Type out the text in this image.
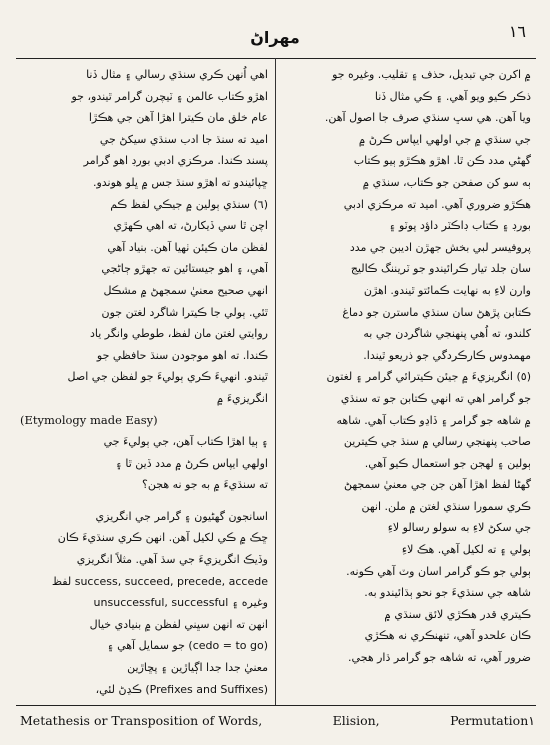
مهراڻ	١٦
۾ اکرن جي تبديل، حذف ۽ تقليب. وغيره جو
ذڪر ڪيو ويو آهي. ۽ ڪي مثال ڏنا
ويا آهن. هي سڀ سنڌي صرف جا اصول آهن.
جي سنڌي ۾ جي اولهي ايپاس ڪرڻ ۾
گهڻي مدد ڪن ٿا. اهڙو هڪڙو ٻيو ڪتاب
ٻه سو کن صفحن جو ڪتاب، سنڌي ۾
هڪڙو ضروري آهي. اميد ته مرڪزي ادبي
بورڊ ۽ ڪتاب ڊاڪٽر داؤد پوٽو ۽
پروفيسر لبي بخش جهڙن اديبن جي مدد
سان جلد تيار ڪرائيندو جو ٽريننگ ڪاليج
وارن لاءِ به نهايت ڪمائتو ٿيندو. اهڙن
ڪتابن پڙهڻ سان سنڌي ماسترن جو دماغ
کلندو، ته اُهي پنهنجي شاگردن جي به
مهمدوس ڪارڪردگي جو ذريعو ٿيندا.
(٥) انگريزيءَ ۾ جيئن ڪيترائي گرامر ۽ لغتون
جو گرامر اهي ته انهي ڪتابن جو ته سنڌي
۾ شاهه جو گرامر ۽ ڏاڍو ڪتاب آهي. شاهه
صاحب پنهنجي رسالي ۾ سنڌ جي ڪيترين
ٻولين ۽ لهجن جو استعمال ڪيو آهي.
گهڻا لفظ اهڙا آهن جن جي معنيٰ سمجهڻ
ڪري سمورا سنڌي لغتن ۾ ملن. انهن
جي سکڻ لاءِ به سولو رسالو لاءِ
ٻولي ۽ ته لکيل آهي. هڪ لاءِ
ٻولي جو ڪو گرامر اسان وٽ آهي ڪونه.
شاهه جي سنڌيءَ جو نحو ٻڌائيندو به.
ڪيتري قدر هڪڙي لائق سنڌي ۾
ڪان علحدو آهي، تنهنڪري نه هڪڙي
ضرور آهي، ته شاهه جو گرامر ڌار هجي.
اهي اُنهن ڪري سنڌي رسالي ۽ مثال ڏنا
اهڙو ڪتاب عالمن ۽ ٽيچرن گرامر ٿيندو، جو
عام خلق مان ڪيترا اهڙا آهن جي هڪڙا
اميد ته سنڌ جا ادب سنڌي سيکڻ جي
پسند ڪندا. مرڪزي ادبي بورڊ اهو گرامر
ڇپائيندو ته اهڙو سنڌ جس ۾ ڀلو هوندو.
(٦) سنڌي ٻولين ۾ جيڪي لفظ ڪم
اچن ٿا سي ڏيکارڻ، ته اهي ڪهڙي
لفظن مان ڪيئن ٺهيا آهن. بنياد آهي
آهي، ۽ اهو جيستائين ته جهڙو ڄاڻجي
انهي صحيح معنيٰ سمجهڻ ۾ مشڪل
ٿئي. ٻولي جا ڪيترا شاگرد لغتن جون
روايتي لغتن مان لفظ، طوطي وانگر ياد
ڪندا. ته اهو موجودن سنڌ حافظي جو
ٿيندو. انهيءَ ڪري ٻوليءَ جو لفظن جي اصل
انگريزيءَ ۾
(Etymology made Easy)
۽ ٻيا اهڙا ڪتاب آهن، جي ٻوليءَ جي
اولهي ايپاس ڪرڻ ۾ مدد ڏين ٿا ۽
ته سنڌيءَ ۾ به جو نه هجن؟
اسانجون گهڻيون ۽ گرامر جي انگريزي
ڇڪ ۾ ڪي لکيل آهن. انهن ڪري سنڌيءَ ڪان
وڏيڪ انگريزيءَ جي سڌ آهي. مثلاً انگريزي
success, succeed, precede, accede لفظ
وغيره ۽ unsuccessful, successful
انهن ته انهن سڀني لفظن ۾ بنيادي خيال
(cedo = to go) جو سمايل آهي ۽
معنيٰ جدا جدا اڳياڙين ۽ پڇاڙين
(Prefixes and Suffixes) ڪڍڻ لئي،
Metathesis or Transposition of Words,	Elision,	Permutation۱
